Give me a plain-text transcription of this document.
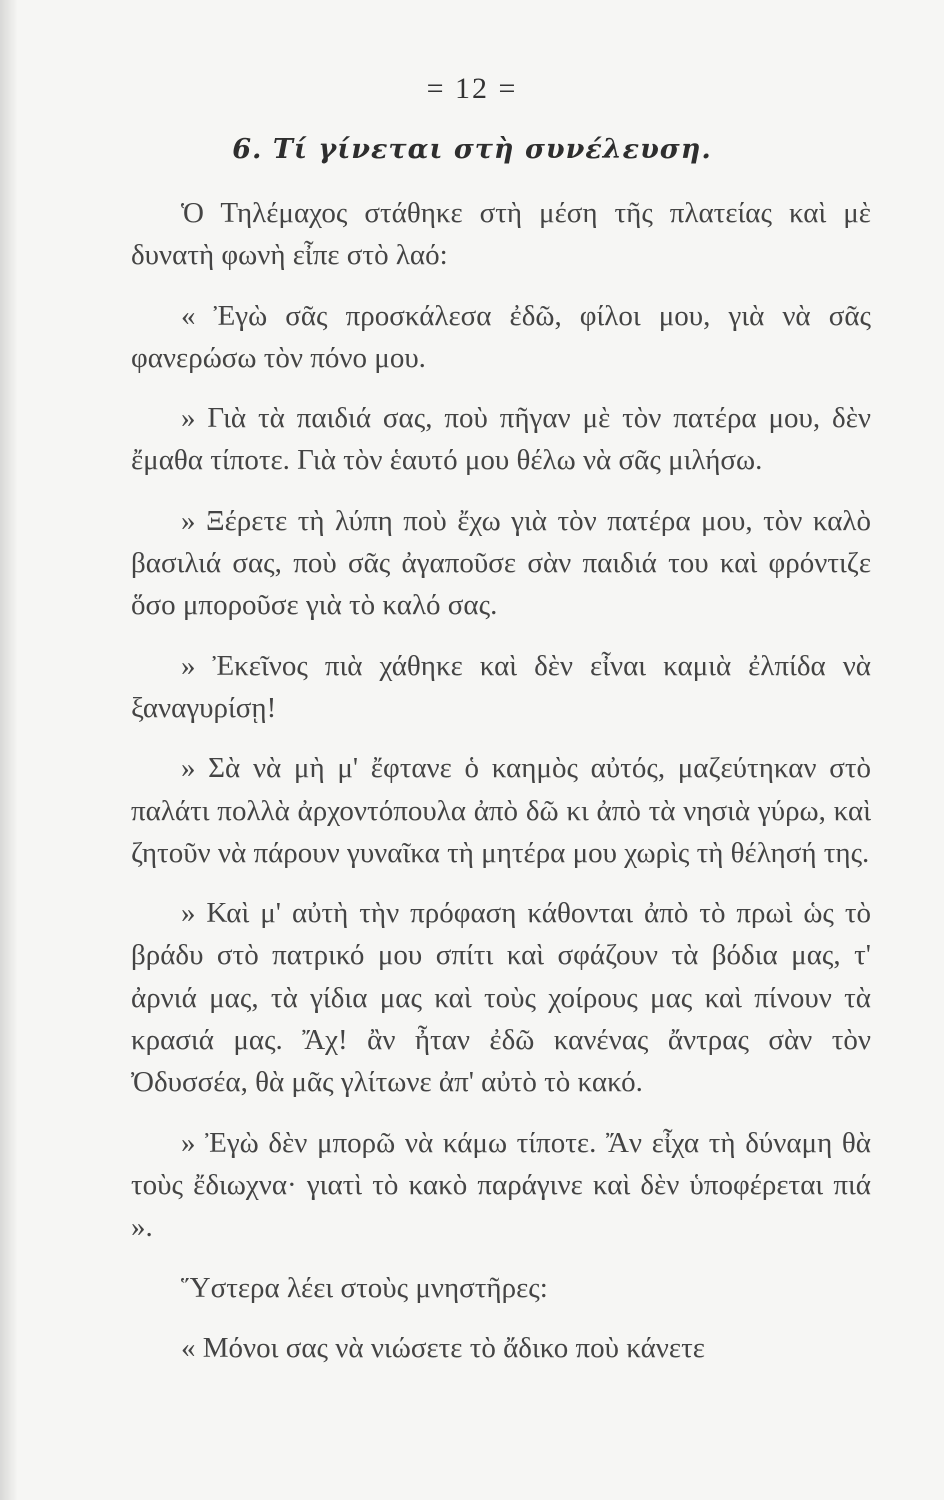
= 12 =
6. Τί γίνεται στὴ συνέλευση.

Ὁ Τηλέμαχος στάθηκε στὴ μέση τῆς πλατείας καὶ μὲ δυνατὴ φωνὴ εἶπε στὸ λαό:

« Ἐγὼ σᾶς προσκάλεσα ἐδῶ, φίλοι μου, γιὰ νὰ σᾶς φανερώσω τὸν πόνο μου.

» Γιὰ τὰ παιδιά σας, ποὺ πῆγαν μὲ τὸν πατέρα μου, δὲν ἔμαθα τίποτε. Γιὰ τὸν ἑαυτό μου θέλω νὰ σᾶς μιλήσω.

» Ξέρετε τὴ λύπη ποὺ ἔχω γιὰ τὸν πατέρα μου, τὸν καλὸ βασιλιά σας, ποὺ σᾶς ἀγαποῦσε σὰν παιδιά του καὶ φρόντιζε ὅσο μποροῦσε γιὰ τὸ καλό σας.

» Ἐκεῖνος πιὰ χάθηκε καὶ δὲν εἶναι καμιὰ ἐλπίδα νὰ ξαναγυρίσῃ!

» Σὰ νὰ μὴ μ' ἔφτανε ὁ καημὸς αὐτός, μαζεύτηκαν στὸ παλάτι πολλὰ ἀρχοντόπουλα ἀπὸ δῶ κι ἀπὸ τὰ νησιὰ γύρω, καὶ ζητοῦν νὰ πάρουν γυναῖκα τὴ μητέρα μου χωρὶς τὴ θέλησή της.

» Καὶ μ' αὐτὴ τὴν πρόφαση κάθονται ἀπὸ τὸ πρωὶ ὡς τὸ βράδυ στὸ πατρικό μου σπίτι καὶ σφάζουν τὰ βόδια μας, τ' ἀρνιά μας, τὰ γίδια μας καὶ τοὺς χοίρους μας καὶ πίνουν τὰ κρασιά μας. Ἄχ! ἂν ἦταν ἐδῶ κανένας ἄντρας σὰν τὸν Ὀδυσσέα, θὰ μᾶς γλίτωνε ἀπ' αὐτὸ τὸ κακό.

» Ἐγὼ δὲν μπορῶ νὰ κάμω τίποτε. Ἄν εἶχα τὴ δύναμη θὰ τοὺς ἔδιωχνα· γιατὶ τὸ κακὸ παράγινε καὶ δὲν ὑποφέρεται πιά ».

Ὕστερα λέει στοὺς μνηστῆρες:

« Μόνοι σας νὰ νιώσετε τὸ ἄδικο ποὺ κάνετε
